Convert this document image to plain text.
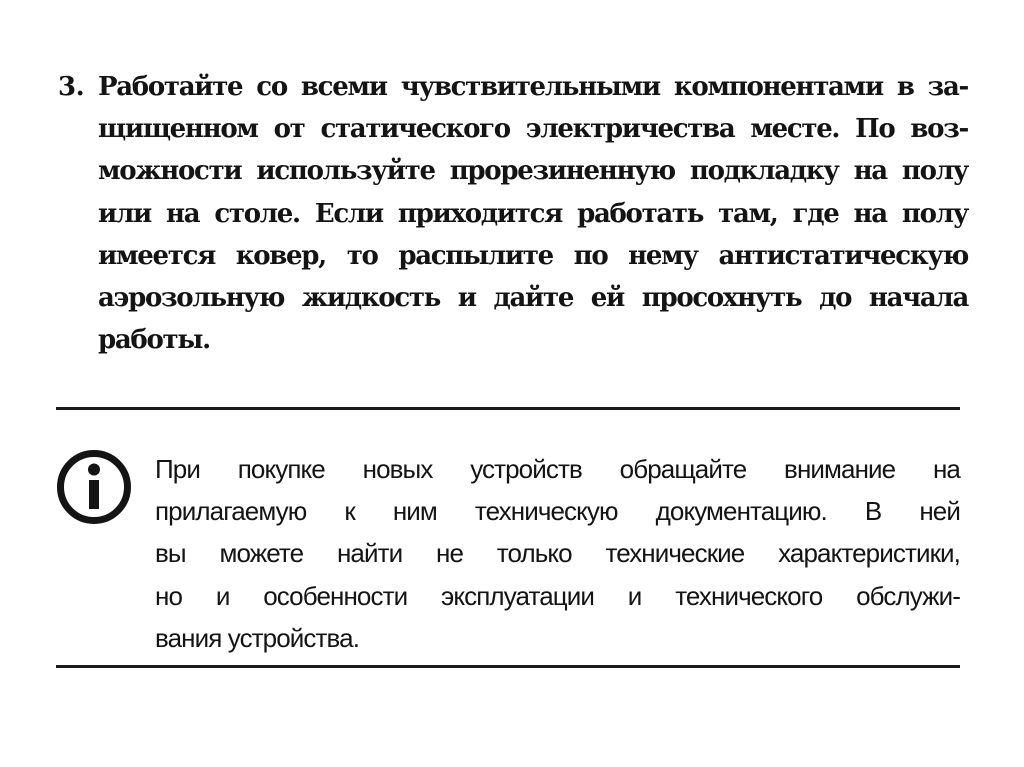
3. Работайте со всеми чувствительными компонентами в за-
щищенном от статического электричества месте. По воз-
можности используйте прорезиненную подкладку на полу
или на столе. Если приходится работать там, где на полу
имеется ковер, то распылите по нему антистатическую
аэрозольную жидкость и дайте ей просохнуть до начала
работы.
При покупке новых устройств обращайте внимание на
прилагаемую к ним техническую документацию. В ней
вы можете найти не только технические характеристики,
но и особенности эксплуатации и технического обслужи-
вания устройства.
